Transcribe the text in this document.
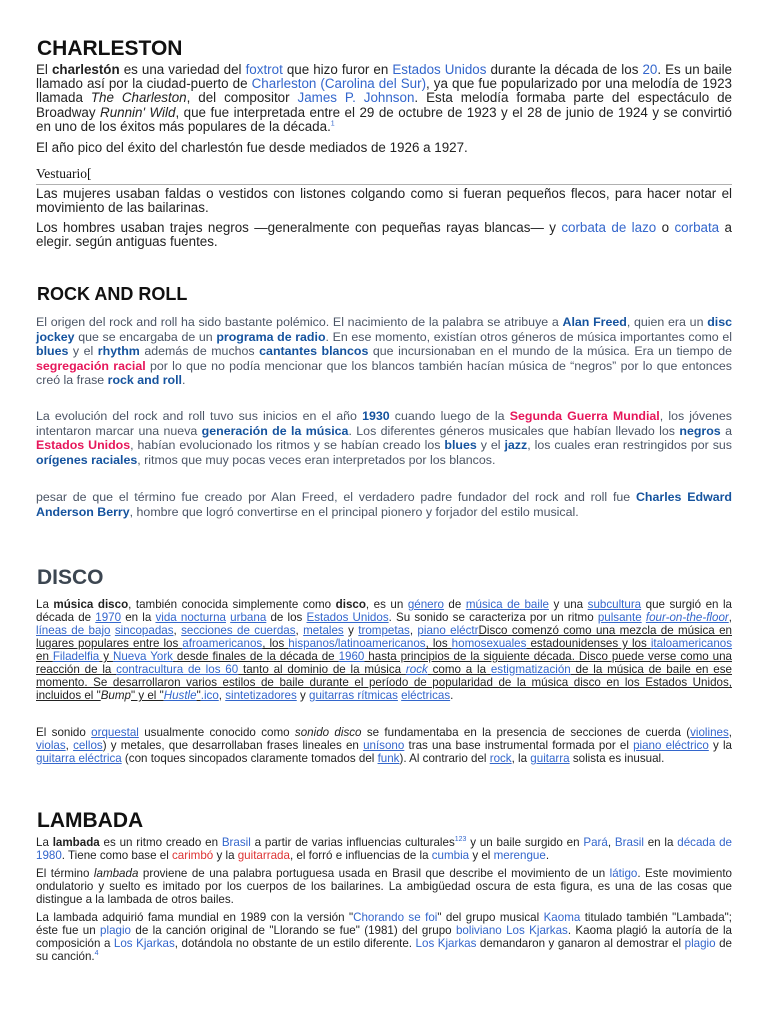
CHARLESTON

El charlestón es una variedad del foxtrot que hizo furor en Estados Unidos durante la década de los 20. Es un baile llamado así por la ciudad-puerto de Charleston (Carolina del Sur), ya que fue popularizado por una melodía de 1923 llamada The Charleston, del compositor James P. Johnson. Esta melodía formaba parte del espectáculo de Broadway Runnin' Wild, que fue interpretada entre el 29 de octubre de 1923 y el 28 de junio de 1924 y se convirtió en uno de los éxitos más populares de la década.$^1$

El año pico del éxito del charlestón fue desde mediados de 1926 a 1927.

Vestuario[

Las mujeres usaban faldas o vestidos con listones colgando como si fueran pequeños flecos, para hacer notar el movimiento de las bailarinas.

Los hombres usaban trajes negros —generalmente con pequeñas rayas blancas— y corbata de lazo o corbata a elegir. según antiguas fuentes.

ROCK AND ROLL

El origen del rock and roll ha sido bastante polémico. El nacimiento de la palabra se atribuye a Alan Freed, quien era un disc jockey que se encargaba de un programa de radio. En ese momento, existían otros géneros de música importantes como el blues y el rhythm además de muchos cantantes blancos que incursionaban en el mundo de la música. Era un tiempo de segregación racial por lo que no podía mencionar que los blancos también hacían música de “negros” por lo que entonces creó la frase rock and roll.

La evolución del rock and roll tuvo sus inicios en el año 1930 cuando luego de la Segunda Guerra Mundial, los jóvenes intentaron marcar una nueva generación de la música. Los diferentes géneros musicales que habían llevado los negros a Estados Unidos, habían evolucionado los ritmos y se habían creado los blues y el jazz, los cuales eran restringidos por sus orígenes raciales, ritmos que muy pocas veces eran interpretados por los blancos.

pesar de que el término fue creado por Alan Freed, el verdadero padre fundador del rock and roll fue Charles Edward Anderson Berry, hombre que logró convertirse en el principal pionero y forjador del estilo musical.

DISCO

La música disco, también conocida simplemente como disco, es un género de música de baile y una subcultura que surgió en la década de 1970 en la vida nocturna urbana de los Estados Unidos. Su sonido se caracteriza por un ritmo pulsante four-on-the-floor, líneas de bajo sincopadas, secciones de cuerdas, metales y trompetas, piano eléctrDisco comenzó como una mezcla de música en lugares populares entre los afroamericanos, los hispanos/latinoamericanos, los homosexuales estadounidenses y los italoamericanos en Filadelfia y Nueva York desde finales de la década de 1960 hasta principios de la siguiente década. Disco puede verse como una reacción de la contracultura de los 60 tanto al dominio de la música rock como a la estigmatización de la música de baile en ese momento. Se desarrollaron varios estilos de baile durante el período de popularidad de la música disco en los Estados Unidos, incluidos el "Bump" y el "Hustle".ico, sintetizadores y guitarras rítmicas eléctricas.

El sonido orquestal usualmente conocido como sonido disco se fundamentaba en la presencia de secciones de cuerda (violines, violas, cellos) y metales, que desarrollaban frases lineales en unísono tras una base instrumental formada por el piano eléctrico y la guitarra eléctrica (con toques sincopados claramente tomados del funk). Al contrario del rock, la guitarra solista es inusual.

LAMBADA

La lambada es un ritmo creado en Brasil a partir de varias influencias culturales$^{123}$ y un baile surgido en Pará, Brasil en la década de 1980. Tiene como base el carimbó y la guitarrada, el forró e influencias de la cumbia y el merengue.

El término lambada proviene de una palabra portuguesa usada en Brasil que describe el movimiento de un látigo. Este movimiento ondulatorio y suelto es imitado por los cuerpos de los bailarines. La ambigüedad oscura de esta figura, es una de las cosas que distingue a la lambada de otros bailes.

La lambada adquirió fama mundial en 1989 con la versión "Chorando se foi" del grupo musical Kaoma titulado también "Lambada"; éste fue un plagio de la canción original de "Llorando se fue" (1981) del grupo boliviano Los Kjarkas. Kaoma plagió la autoría de la composición a Los Kjarkas, dotándola no obstante de un estilo diferente. Los Kjarkas demandaron y ganaron al demostrar el plagio de su canción.$^4$
